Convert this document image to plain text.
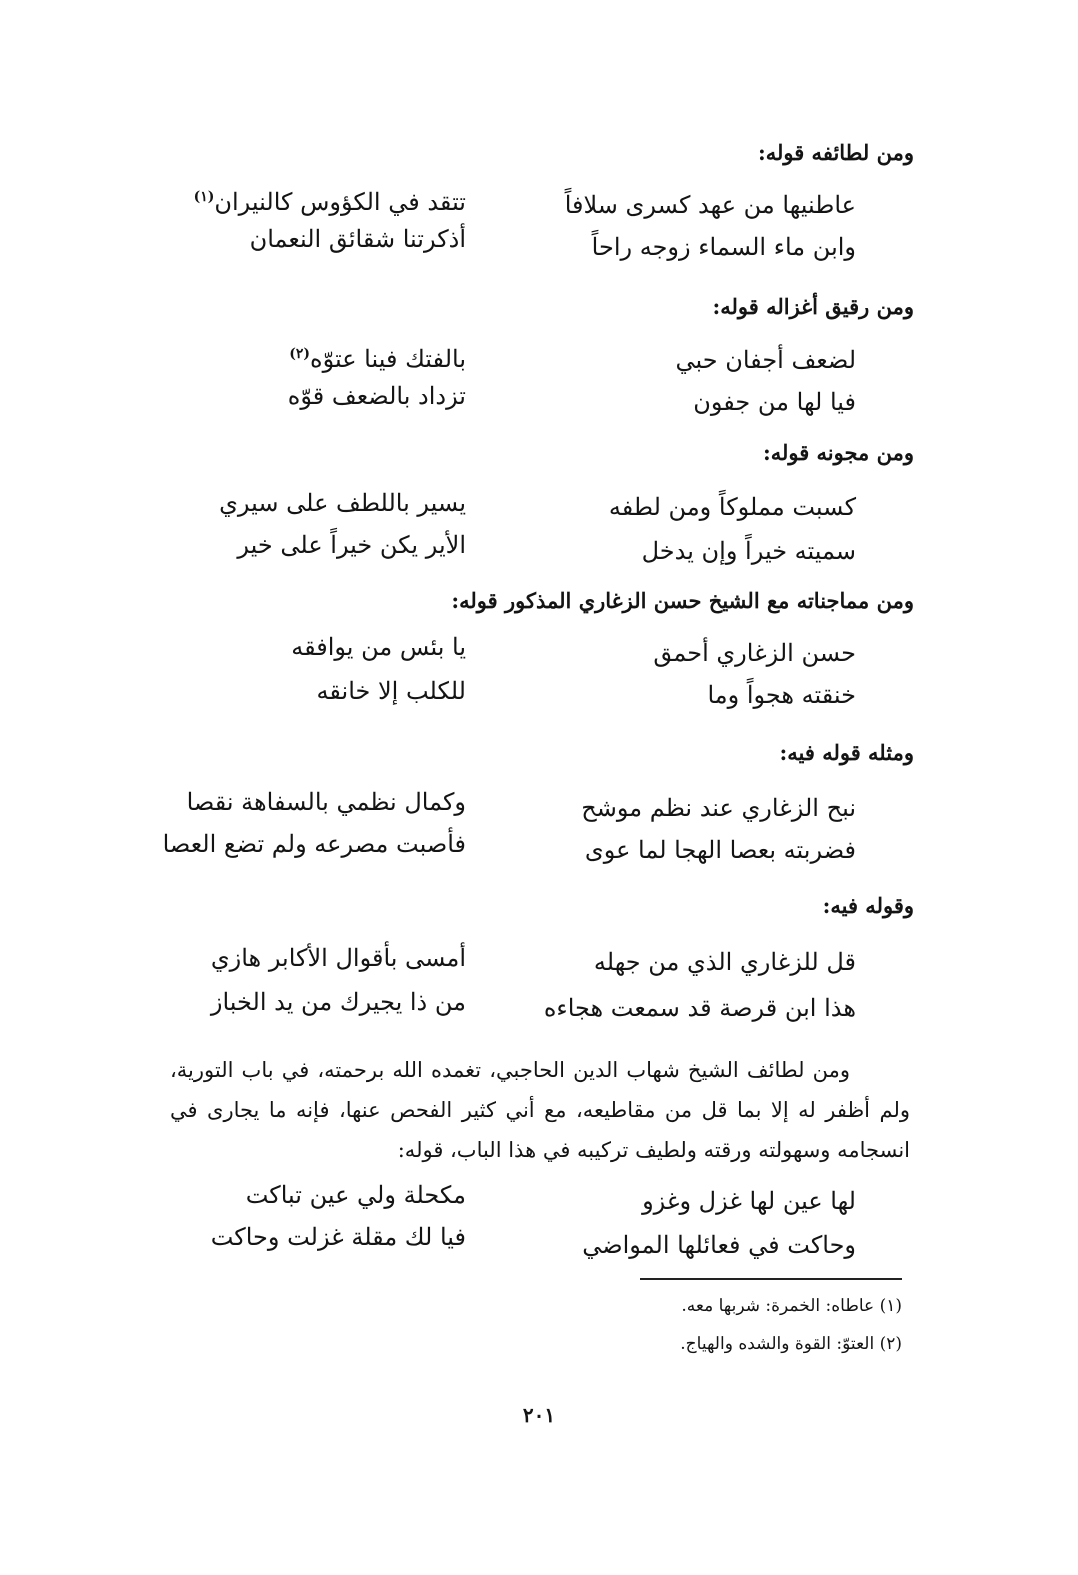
ومن لطائفه قوله:
عاطنيها من عهد كسرى سلافاً
تتقد في الكؤوس كالنيران$^{(١)}$
وابن ماء السماء زوجه راحاً
أذكرتنا شقائق النعمان
ومن رقيق أغزاله قوله:
لضعف أجفان حبي
بالفتك فينا عتوّه$^{(٢)}$
فيا لها من جفون
تزداد بالضعف قوّه
ومن مجونه قوله:
كسبت مملوكاً ومن لطفه
يسير باللطف على سيري
سميته خيراً وإن يدخل
الأير يكن خيراً على خير
ومن مماجناته مع الشيخ حسن الزغاري المذكور قوله:
حسن الزغاري أحمق
يا بئس من يوافقه
خنقته هجواً وما
للكلب إلا خانقه
ومثله قوله فيه:
نبح الزغاري عند نظم موشح
وكمال نظمي بالسفاهة نقصا
فضربته بعصا الهجا لما عوى
فأصبت مصرعه ولم تضع العصا
وقوله فيه:
قل للزغاري الذي من جهله
أمسى بأقوال الأكابر هازي
هذا ابن قرصة قد سمعت هجاءه
من ذا يجيرك من يد الخباز

ومن لطائف الشيخ شهاب الدين الحاجبي، تغمده الله برحمته، في باب التورية، ولم أظفر له إلا بما قل من مقاطيعه، مع أني كثير الفحص عنها، فإنه ما يجارى في انسجامه وسهولته ورقته ولطيف تركيبه في هذا الباب، قوله:

لها عين لها غزل وغزو
مكحلة ولي عين تباكت
وحاكت في فعائلها المواضي
فيا لك مقلة غزلت وحاكت
(١) عاطاه: الخمرة: شربها معه.
(٢) العتوّ: القوة والشده والهياج.
٢٠١
